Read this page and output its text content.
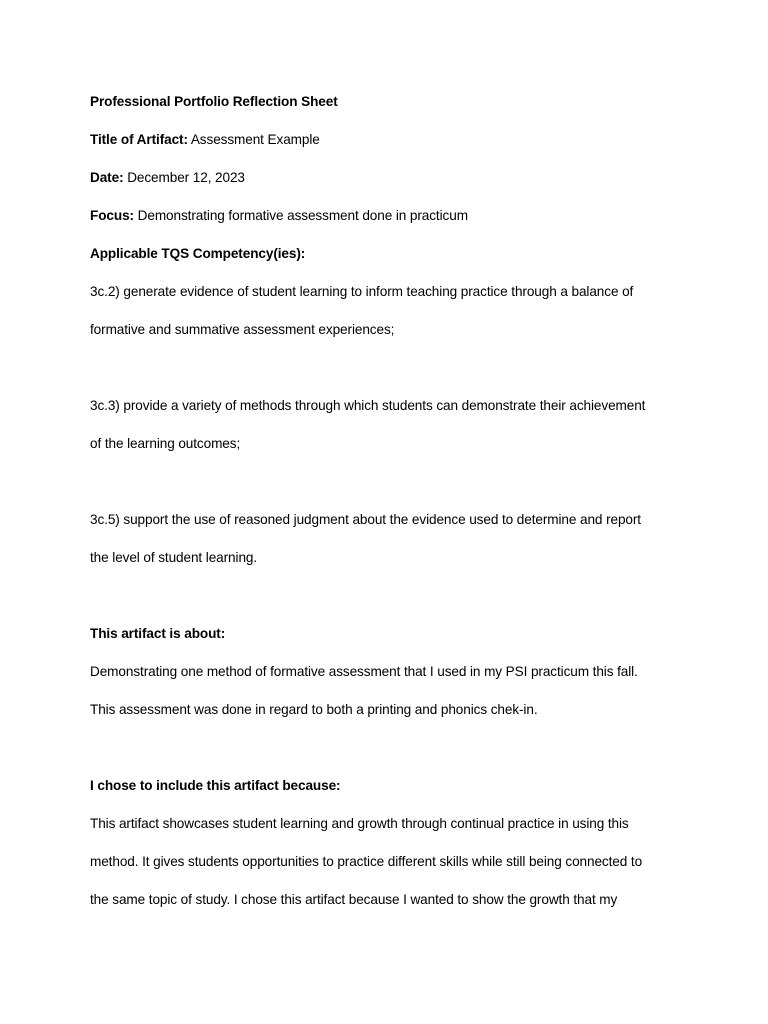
Professional Portfolio Reflection Sheet
Title of Artifact: Assessment Example
Date: December 12, 2023
Focus: Demonstrating formative assessment done in practicum
Applicable TQS Competency(ies):
3c.2) generate evidence of student learning to inform teaching practice through a balance of
formative and summative assessment experiences;
3c.3) provide a variety of methods through which students can demonstrate their achievement
of the learning outcomes;
3c.5) support the use of reasoned judgment about the evidence used to determine and report
the level of student learning.
This artifact is about:
Demonstrating one method of formative assessment that I used in my PSI practicum this fall.
This assessment was done in regard to both a printing and phonics chek-in.
I chose to include this artifact because:
This artifact showcases student learning and growth through continual practice in using this
method. It gives students opportunities to practice different skills while still being connected to
the same topic of study. I chose this artifact because I wanted to show the growth that my
